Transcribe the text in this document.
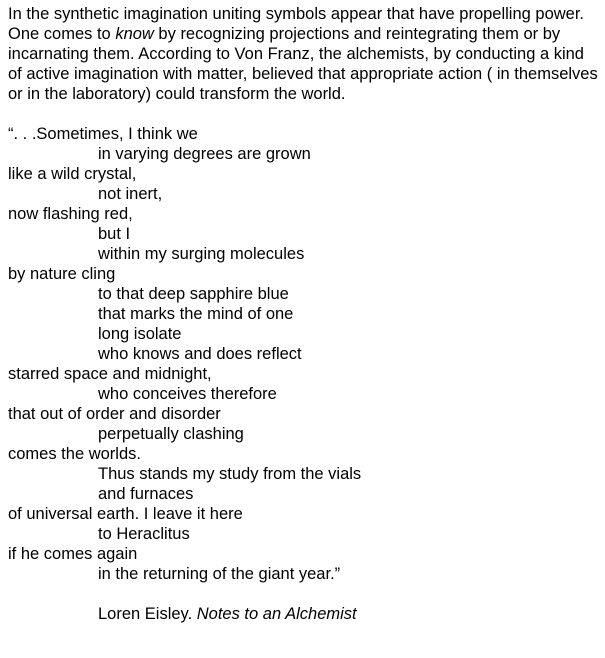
In the synthetic imagination uniting symbols appear that have propelling power. One comes to know by recognizing projections and reintegrating them or by incarnating them. According to Von Franz, the alchemists, by conducting a kind of active imagination with matter, believed that appropriate action ( in themselves or in the laboratory) could transform the world.

“. . .Sometimes, I think we

in varying degrees are grown

like a wild crystal,

not inert,

now flashing red,

but I

within my surging molecules

by nature cling

to that deep sapphire blue

that marks the mind of one

long isolate

who knows and does reflect

starred space and midnight,

who conceives therefore

that out of order and disorder

perpetually clashing

comes the worlds.

Thus stands my study from the vials

and furnaces

of universal earth. I leave it here

to Heraclitus

if he comes again

in the returning of the giant year.”

Loren Eisley. Notes to an Alchemist
